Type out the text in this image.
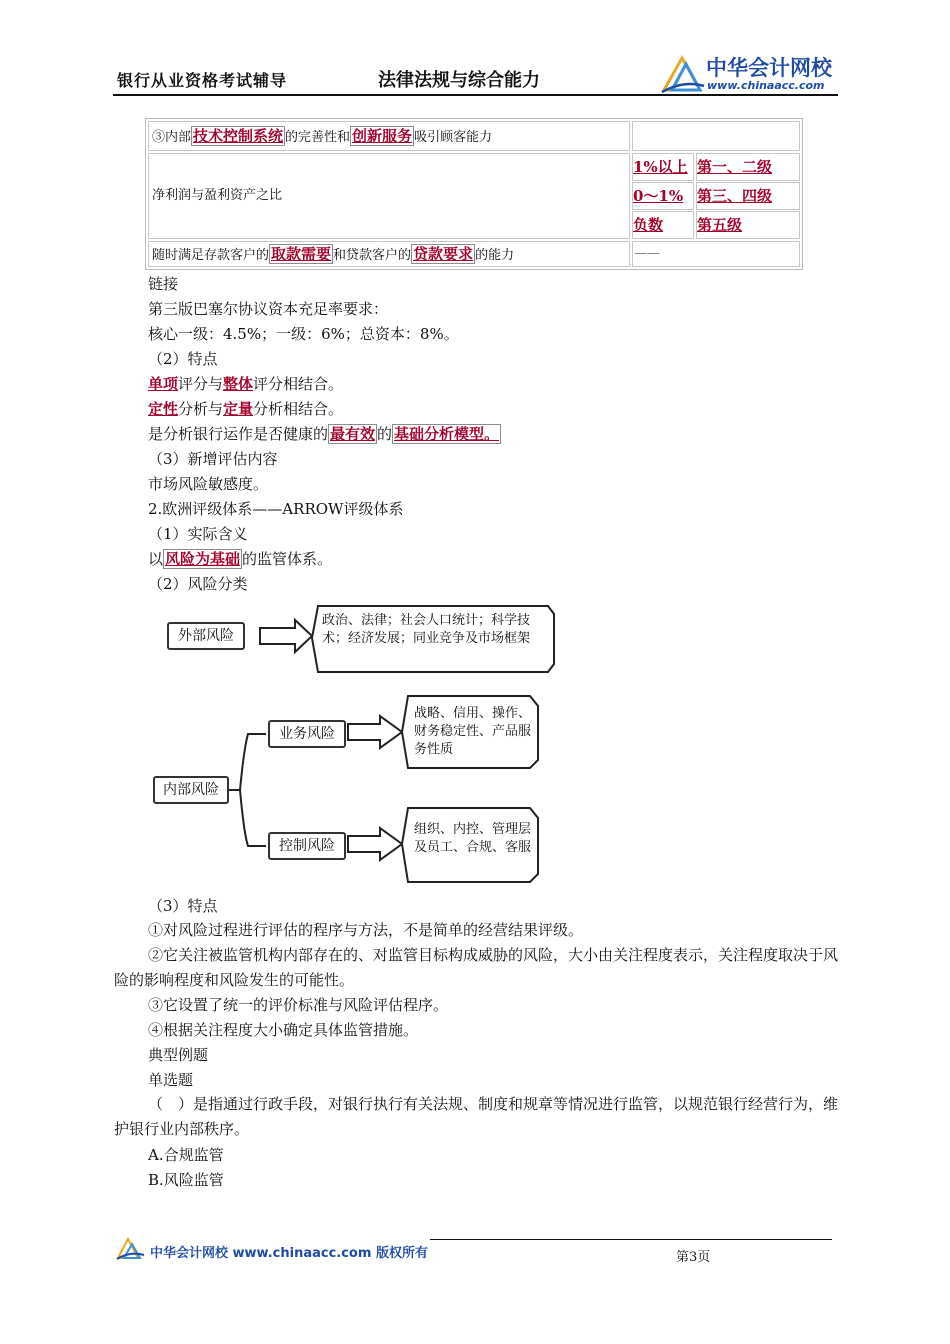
银行从业资格考试辅导	法律法规与综合能力
中华会计网校
www.chinaacc.com
③内部 技术控制系统 的完善性和 创新服务 吸引顾客能力
净利润与盈利资产之比
1%以上 第一、二级
0～1% 第三、四级
负数	第五级
随时满足存款客户的 取款需要 和贷款客户的 贷款要求 的能力	——
链接
第三版巴塞尔协议资本充足率要求：
核心一级：4.5%；一级：6%；总资本：8%。
（2）特点
单项评分与整体评分相结合。
定性分析与定量分析相结合。
是分析银行运作是否健康的 最有效 的 基础分析模型。
（3）新增评估内容
市场风险敏感度。
2.欧洲评级体系——ARROW评级体系
（1）实际含义
以 风险为基础 的监管体系。
（2）风险分类
外部风险
政治、法律；社会人口统计；科学技术；经济发展；同业竞争及市场框架
内部风险
业务风险
战略、信用、操作、财务稳定性、产品服务性质
控制风险
组织、内控、管理层及员工、合规、客服
（3）特点
①对风险过程进行评估的程序与方法，不是简单的经营结果评级。
②它关注被监管机构内部存在的、对监管目标构成威胁的风险，大小由关注程度表示，关注程度取决于风险的影响程度和风险发生的可能性。
③它设置了统一的评价标准与风险评估程序。
④根据关注程度大小确定具体监管措施。
典型例题
单选题
（　）是指通过行政手段，对银行执行有关法规、制度和规章等情况进行监管，以规范银行经营行为，维护银行业内部秩序。
A.合规监管
B.风险监管
中华会计网校 www.chinaacc.com 版权所有	第3页
